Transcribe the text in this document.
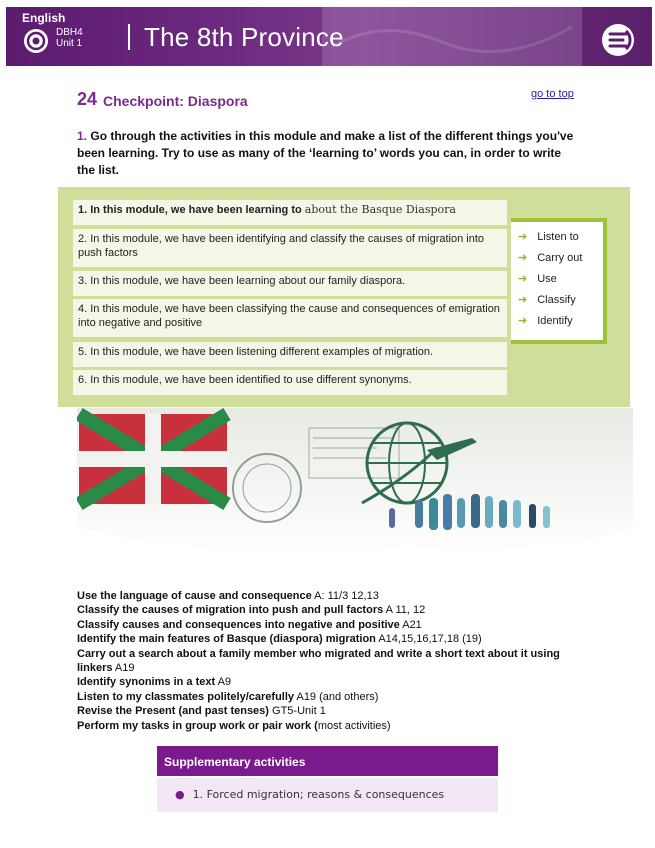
English
DBH4
Unit 1 The 8th Province
24 Checkpoint: Diaspora	go to top
1. Go through the activities in this module and make a list of the different things you've been learning. Try to use as many of the ‘learning to’ words you can, in order to write the list.
1. In this module, we have been learning to about the Basque Diaspora
2. In this module, we have been identifying and classify the causes of migration into push factors
3. In this module, we have been learning about our family diaspora.
4. In this module, we have been classifying the cause and consequences of emigration into negative and positive
5. In this module, we have been listening different examples of migration.
6. In this module, we have been identified to use different synonyms.
➔ Listen to
➔ Carry out
➔ Use
➔ Classify
➔ Identify
Use the language of cause and consequence A: 11/3 12,13
Classify the causes of migration into push and pull factors A 11, 12
Classify causes and consequences into negative and positive A21
Identify the main features of Basque (diaspora) migration A14,15,16,17,18 (19)
Carry out a search about a family member who migrated and write a short text about it using linkers A19
Identify synonims in a text A9
Listen to my classmates politely/carefully A19 (and others)
Revise the Present (and past tenses) GT5-Unit 1
Perform my tasks in group work or pair work (most activities)
Supplementary activities
● 1. Forced migration; reasons & consequences
